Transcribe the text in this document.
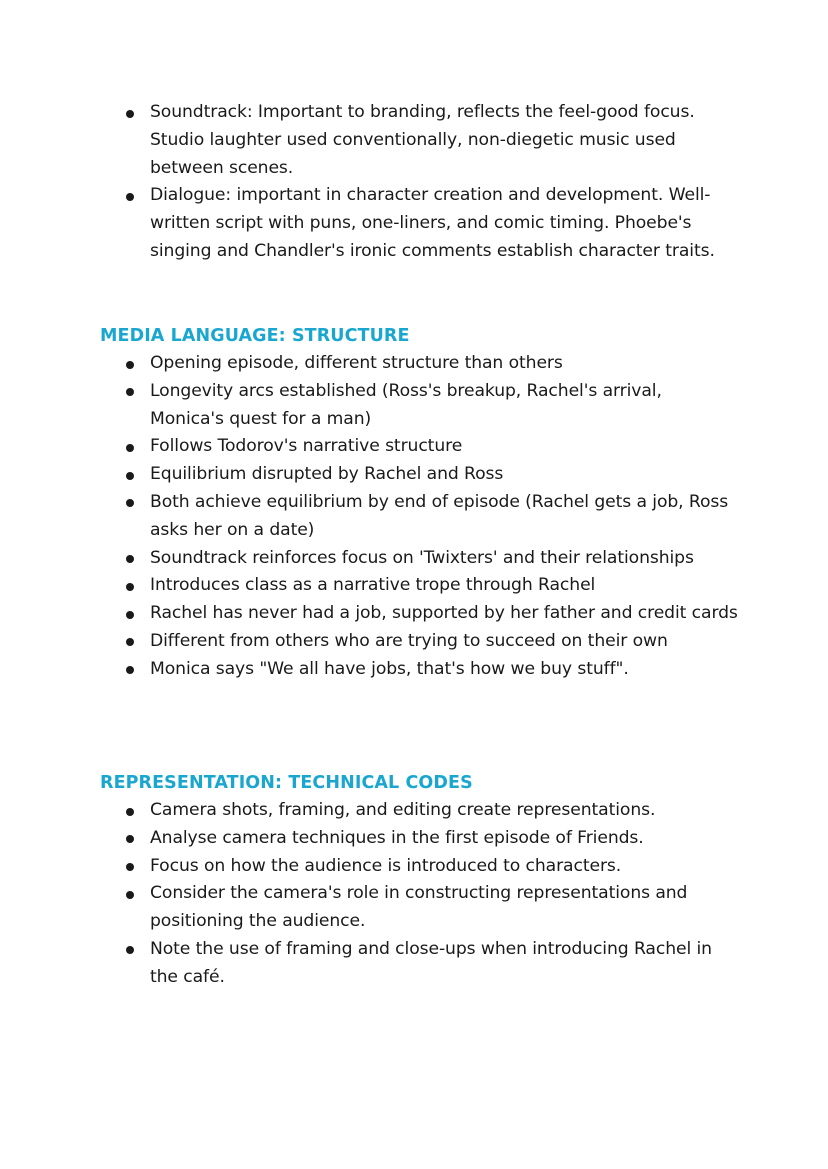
Soundtrack: Important to branding, reflects the feel-good focus. Studio laughter used conventionally, non-diegetic music used between scenes.
Dialogue: important in character creation and development. Well-written script with puns, one-liners, and comic timing. Phoebe's singing and Chandler's ironic comments establish character traits.
MEDIA LANGUAGE: STRUCTURE
Opening episode, different structure than others
Longevity arcs established (Ross's breakup, Rachel's arrival, Monica's quest for a man)
Follows Todorov's narrative structure
Equilibrium disrupted by Rachel and Ross
Both achieve equilibrium by end of episode (Rachel gets a job, Ross asks her on a date)
Soundtrack reinforces focus on 'Twixters' and their relationships
Introduces class as a narrative trope through Rachel
Rachel has never had a job, supported by her father and credit cards
Different from others who are trying to succeed on their own
Monica says "We all have jobs, that's how we buy stuff".
REPRESENTATION: TECHNICAL CODES
Camera shots, framing, and editing create representations.
Analyse camera techniques in the first episode of Friends.
Focus on how the audience is introduced to characters.
Consider the camera's role in constructing representations and positioning the audience.
Note the use of framing and close-ups when introducing Rachel in the café.
